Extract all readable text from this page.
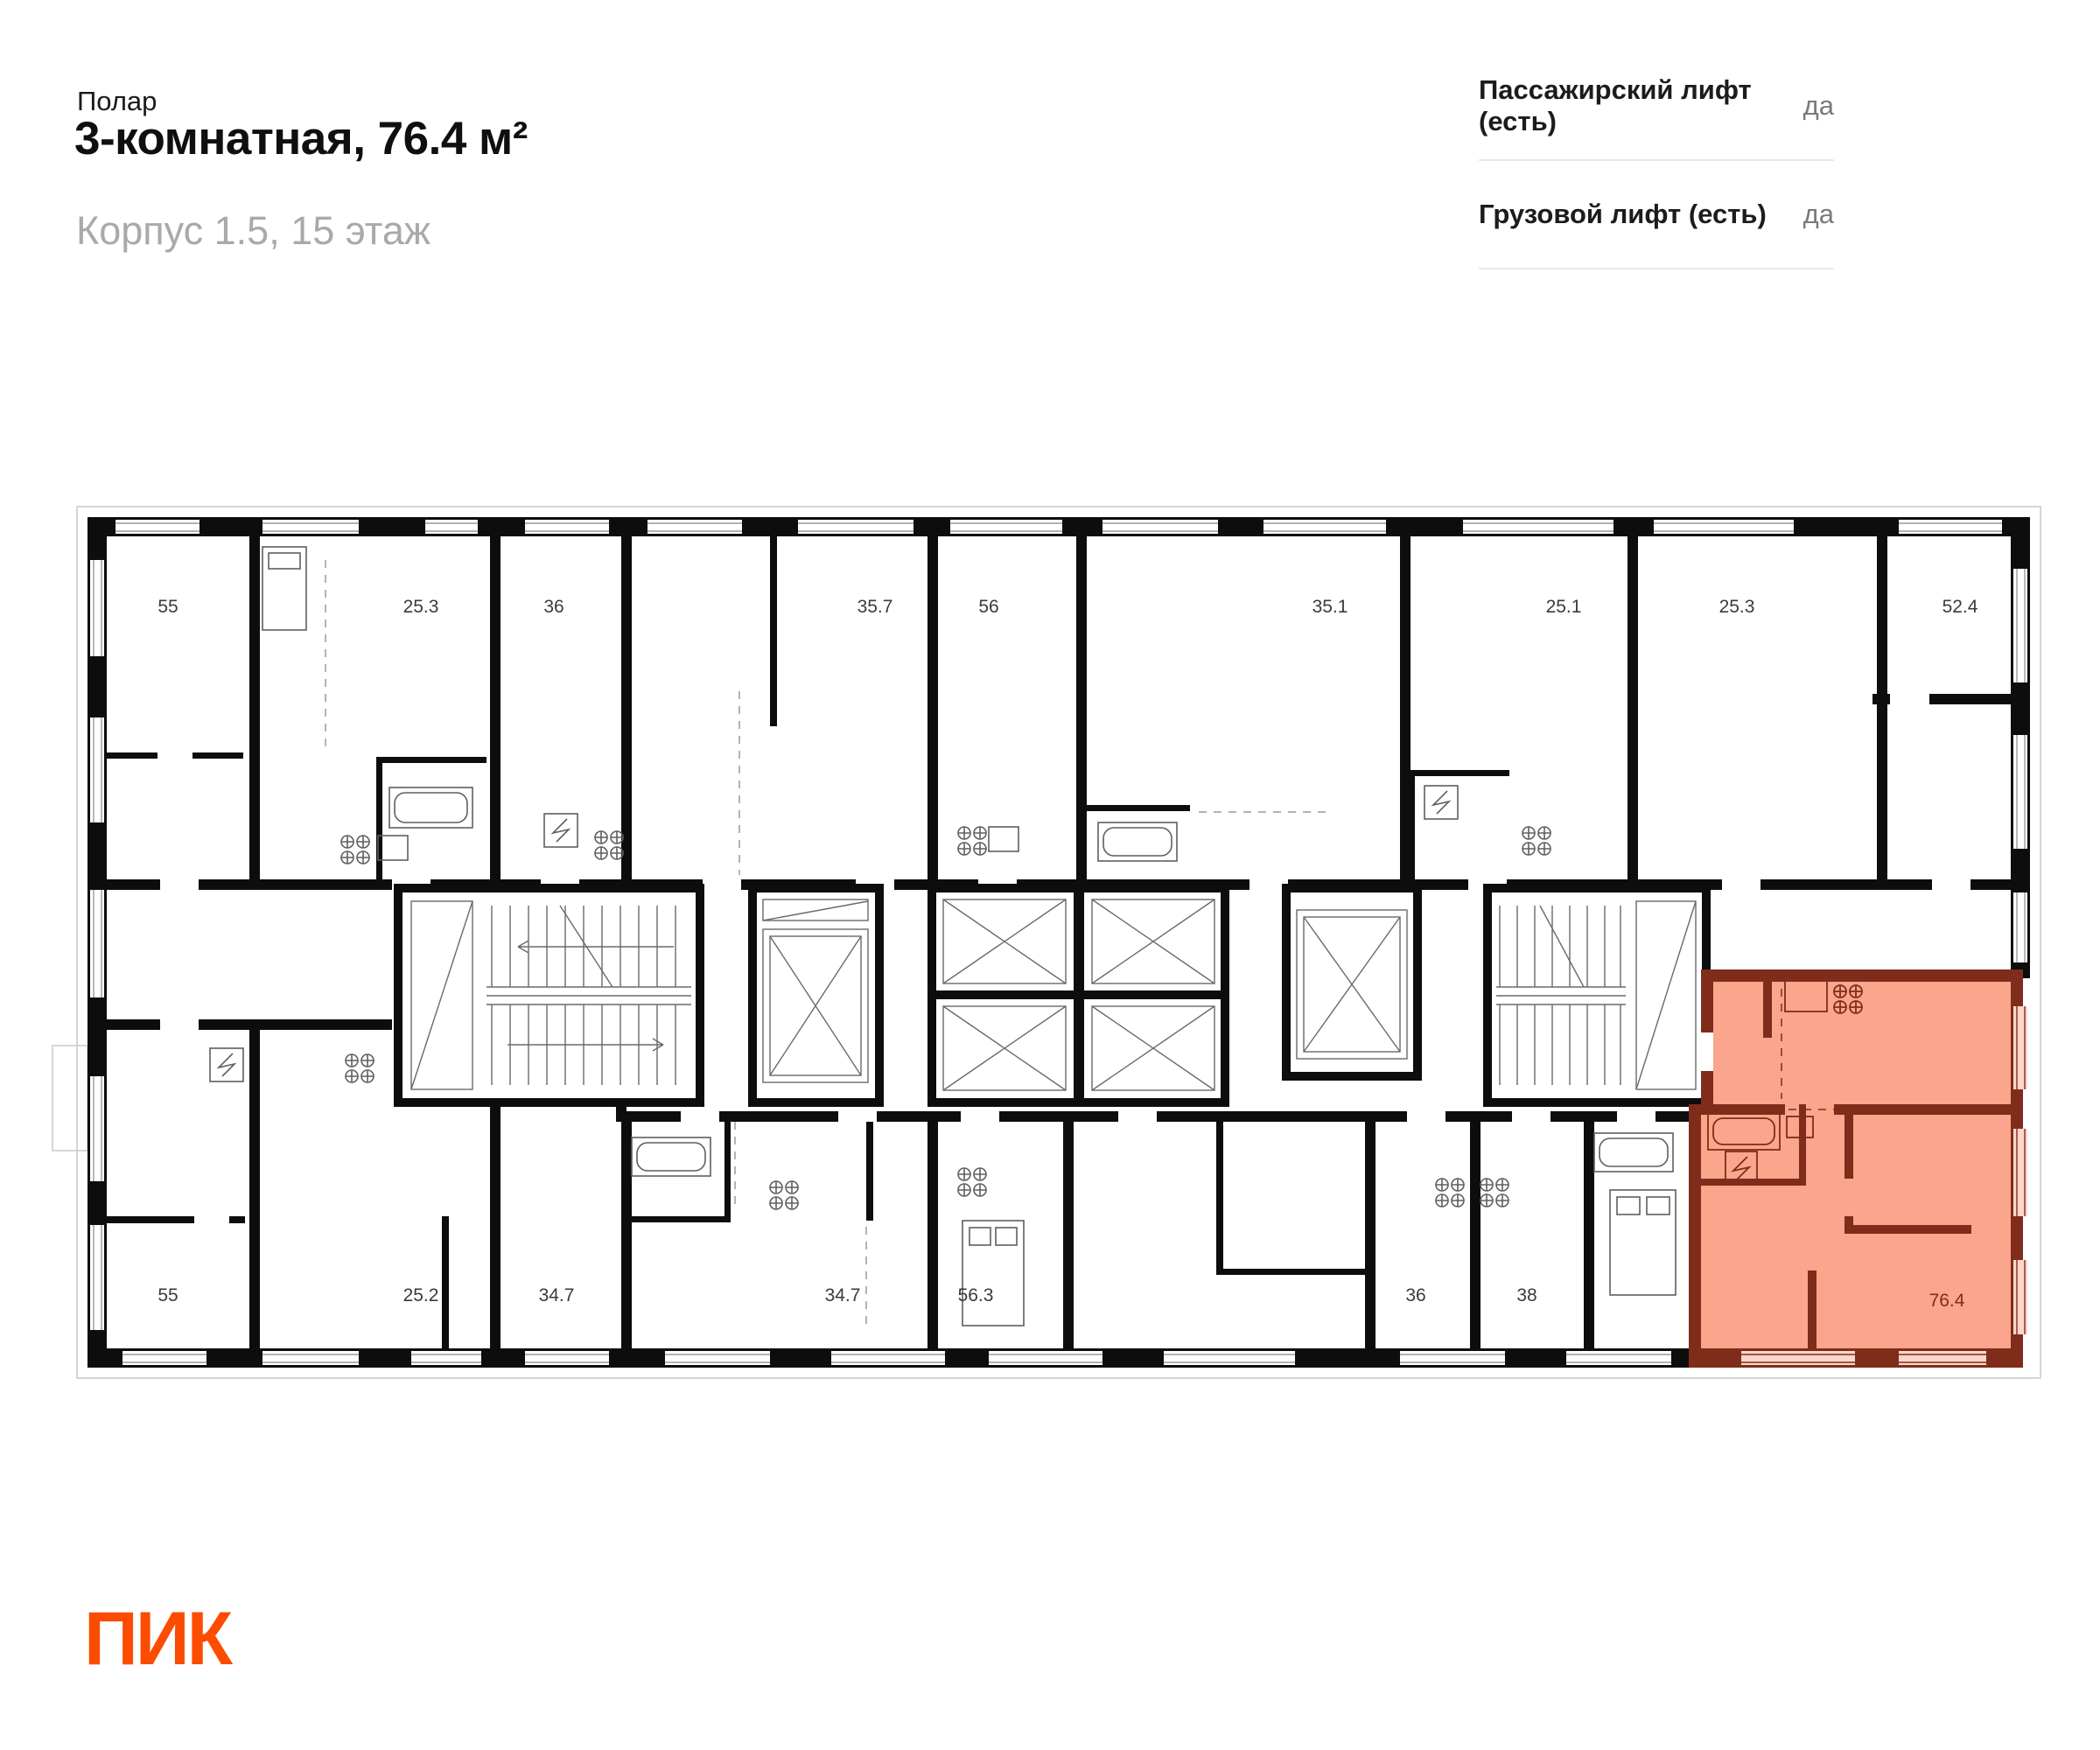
Полар
3-комнатная, 76.4 м²
Корпус 1.5, 15 этаж
Пассажирский лифт (есть)
да
Грузовой лифт (есть) да
76.4
55	25.3	36	35.7	56	35.1	25.1	25.3	52.4
55	25.2	34.7	34.7	56.3	36	38
ПИК
